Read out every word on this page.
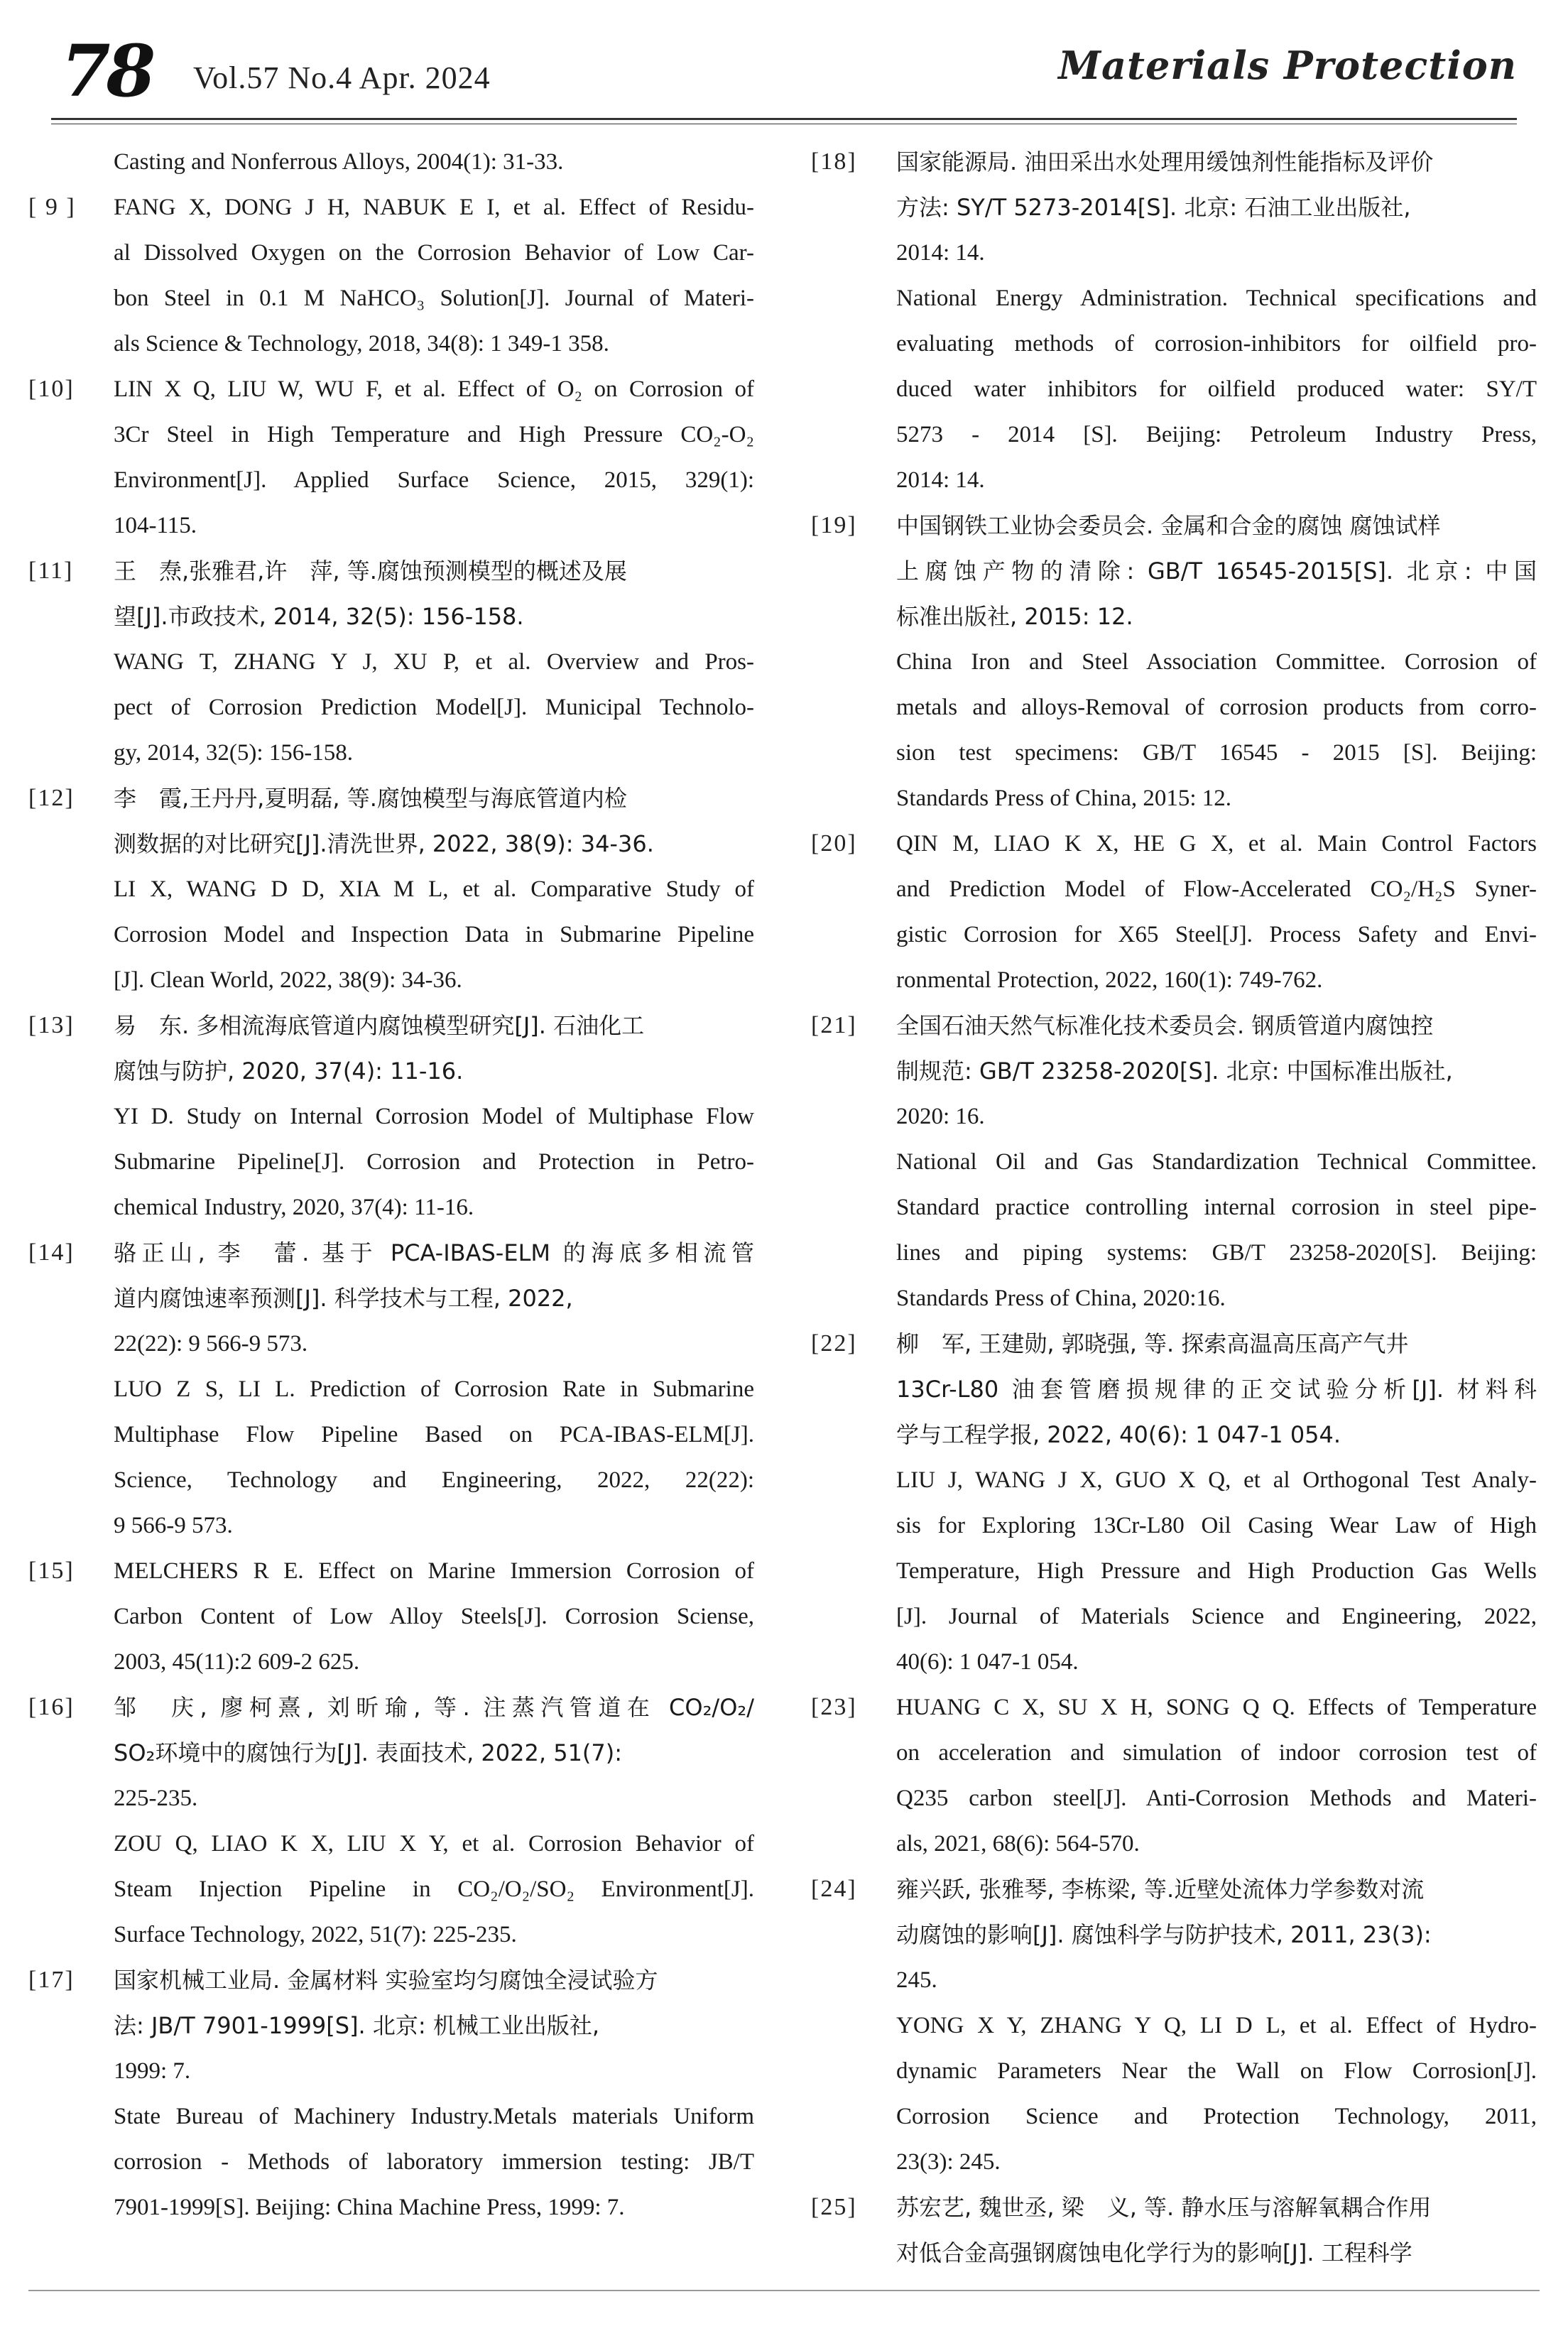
78 Vol.57 No.4 Apr. 2024	Materials Protection
Casting and Nonferrous Alloys, 2004(1): 31-33.
[ 9 ]	FANG X, DONG J H, NABUK E I, et al. Effect of Residu-
al Dissolved Oxygen on the Corrosion Behavior of Low Car-
bon Steel in 0.1 M NaHCO₃ Solution[J]. Journal of Materi-
als Science & Technology, 2018, 34(8): 1 349-1 358.
[10]	LIN X Q, LIU W, WU F, et al. Effect of O₂ on Corrosion of
3Cr Steel in High Temperature and High Pressure CO₂-O₂
Environment[J]. Applied Surface Science, 2015, 329(1):
104-115.
[11]	王　焘,张雅君,许　萍, 等.腐蚀预测模型的概述及展
望[J].市政技术, 2014, 32(5): 156-158.
WANG T, ZHANG Y J, XU P, et al. Overview and Pros-
pect of Corrosion Prediction Model[J]. Municipal Technolo-
gy, 2014, 32(5): 156-158.
[12]	李　霞,王丹丹,夏明磊, 等.腐蚀模型与海底管道内检
测数据的对比研究[J].清洗世界, 2022, 38(9): 34-36.
LI X, WANG D D, XIA M L, et al. Comparative Study of
Corrosion Model and Inspection Data in Submarine Pipeline
[J]. Clean World, 2022, 38(9): 34-36.
[13]	易　东. 多相流海底管道内腐蚀模型研究[J]. 石油化工
腐蚀与防护, 2020, 37(4): 11-16.
YI D. Study on Internal Corrosion Model of Multiphase Flow
Submarine Pipeline[J]. Corrosion and Protection in Petro-
chemical Industry, 2020, 37(4): 11-16.
[14]	骆正山, 李　蕾. 基于 PCA-IBAS-ELM 的海底多相流管
道内腐蚀速率预测[J]. 科学技术与工程, 2022,
22(22): 9 566-9 573.
LUO Z S, LI L. Prediction of Corrosion Rate in Submarine
Multiphase Flow Pipeline Based on PCA-IBAS-ELM[J].
Science, Technology and Engineering, 2022, 22(22):
9 566-9 573.
[15]	MELCHERS R E. Effect on Marine Immersion Corrosion of
Carbon Content of Low Alloy Steels[J]. Corrosion Sciense,
2003, 45(11):2 609-2 625.
[16]	邹　庆, 廖柯熹, 刘昕瑜, 等. 注蒸汽管道在 CO₂/O₂/
SO₂环境中的腐蚀行为[J]. 表面技术, 2022, 51(7):
225-235.
ZOU Q, LIAO K X, LIU X Y, et al. Corrosion Behavior of
Steam Injection Pipeline in CO₂/O₂/SO₂ Environment[J].
Surface Technology, 2022, 51(7): 225-235.
[17]	国家机械工业局. 金属材料 实验室均匀腐蚀全浸试验方
法: JB/T 7901-1999[S]. 北京: 机械工业出版社,
1999: 7.
State Bureau of Machinery Industry.Metals materials Uniform
corrosion - Methods of laboratory immersion testing: JB/T
7901-1999[S]. Beijing: China Machine Press, 1999: 7.
[18]	国家能源局. 油田采出水处理用缓蚀剂性能指标及评价
方法: SY/T 5273-2014[S]. 北京: 石油工业出版社,
2014: 14.
National Energy Administration. Technical specifications and
evaluating methods of corrosion-inhibitors for oilfield pro-
duced water inhibitors for oilfield produced water: SY/T
5273 - 2014 [S]. Beijing: Petroleum Industry Press,
2014: 14.
[19]	中国钢铁工业协会委员会. 金属和合金的腐蚀 腐蚀试样
上腐蚀产物的清除: GB/T 16545-2015[S]. 北京: 中国
标准出版社, 2015: 12.
China Iron and Steel Association Committee. Corrosion of
metals and alloys-Removal of corrosion products from corro-
sion test specimens: GB/T 16545 - 2015 [S]. Beijing:
Standards Press of China, 2015: 12.
[20]	QIN M, LIAO K X, HE G X, et al. Main Control Factors
and Prediction Model of Flow-Accelerated CO₂/H₂S Syner-
gistic Corrosion for X65 Steel[J]. Process Safety and Envi-
ronmental Protection, 2022, 160(1): 749-762.
[21]	全国石油天然气标准化技术委员会. 钢质管道内腐蚀控
制规范: GB/T 23258-2020[S]. 北京: 中国标准出版社,
2020: 16.
National Oil and Gas Standardization Technical Committee.
Standard practice controlling internal corrosion in steel pipe-
lines and piping systems: GB/T 23258-2020[S]. Beijing:
Standards Press of China, 2020:16.
[22]	柳　军, 王建勋, 郭晓强, 等. 探索高温高压高产气井
13Cr-L80 油套管磨损规律的正交试验分析[J]. 材料科
学与工程学报, 2022, 40(6): 1 047-1 054.
LIU J, WANG J X, GUO X Q, et al Orthogonal Test Analy-
sis for Exploring 13Cr-L80 Oil Casing Wear Law of High
Temperature, High Pressure and High Production Gas Wells
[J]. Journal of Materials Science and Engineering, 2022,
40(6): 1 047-1 054.
[23]	HUANG C X, SU X H, SONG Q Q. Effects of Temperature
on acceleration and simulation of indoor corrosion test of
Q235 carbon steel[J]. Anti-Corrosion Methods and Materi-
als, 2021, 68(6): 564-570.
[24]	雍兴跃, 张雅琴, 李栋梁, 等.近壁处流体力学参数对流
动腐蚀的影响[J]. 腐蚀科学与防护技术, 2011, 23(3):
245.
YONG X Y, ZHANG Y Q, LI D L, et al. Effect of Hydro-
dynamic Parameters Near the Wall on Flow Corrosion[J].
Corrosion Science and Protection Technology, 2011,
23(3): 245.
[25]	苏宏艺, 魏世丞, 梁　义, 等. 静水压与溶解氧耦合作用
对低合金高强钢腐蚀电化学行为的影响[J]. 工程科学
